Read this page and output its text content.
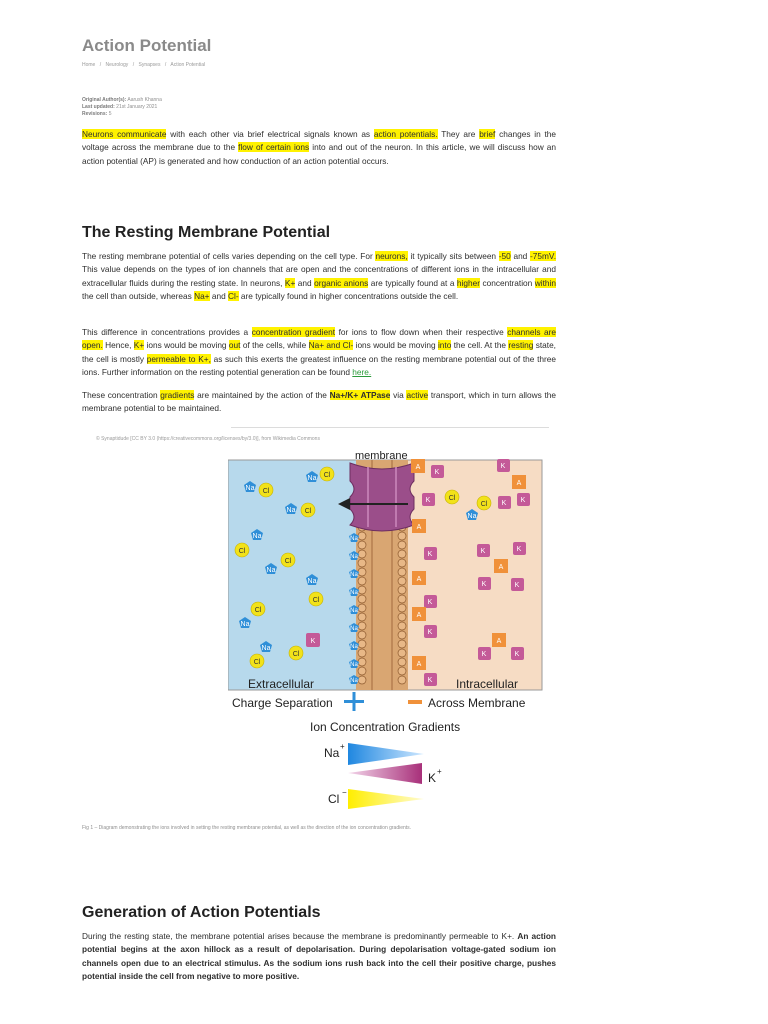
Action Potential
Home / Neurology / Synapses / Action Potential
Original Author(s): Aarush Khanna
Last updated: 21st January 2021
Revisions: 5

Neurons communicate with each other via brief electrical signals known as action potentials. They are brief changes in the voltage across the membrane due to the flow of certain ions into and out of the neuron. In this article, we will discuss how an action potential (AP) is generated and how conduction of an action potential occurs.

The Resting Membrane Potential

The resting membrane potential of cells varies depending on the cell type. For neurons, it typically sits between -50 and -75mV. This value depends on the types of ion channels that are open and the concentrations of different ions in the intracellular and extracellular fluids during the resting state. In neurons, K+ and organic anions are typically found at a higher concentration within the cell than outside, whereas Na+ and Cl- are typically found in higher concentrations outside the cell.

This difference in concentrations provides a concentration gradient for ions to flow down when their respective channels are open. Hence, K+ ions would be moving out of the cells, while Na+ and Cl- ions would be moving into the cell. At the resting state, the cell is mostly permeable to K+, as such this exerts the greatest influence on the resting membrane potential out of the three ions. Further information on the resting potential generation can be found here.

These concentration gradients are maintained by the action of the Na+/K+ ATPase via active transport, which in turn allows the membrane potential to be maintained.

© Synaptidude [CC BY 3.0 (https://creativecommons.org/licenses/by/3.0)], from Wikimedia Commons
membrane
Na Cl
Na Cl
Na Cl
Na
Cl
Cl
Na
Na
Cl
Cl
Na
K
Na
Cl
Cl
Na
Na
Na
Na
Na
Na
Na
Na
Na
A
K
K
A
Cl
Cl
Na
K
A
K K
K	K	K
A
A
K	K
K
A
K
A
K	K
A
K
Extracellular	Intracellular
Charge Separation	Across Membrane
Ion Concentration Gradients
Na +
K +
Cl −
Fig 1 – Diagram demonstrating the ions involved in setting the resting membrane potential, as well as the direction of the ion concentration gradients.
Generation of Action Potentials

During the resting state, the membrane potential arises because the membrane is predominantly permeable to K+. An action potential begins at the axon hillock as a result of depolarisation. During depolarisation voltage-gated sodium ion channels open due to an electrical stimulus. As the sodium ions rush back into the cell their positive charge, pushes potential inside the cell from negative to more positive.
